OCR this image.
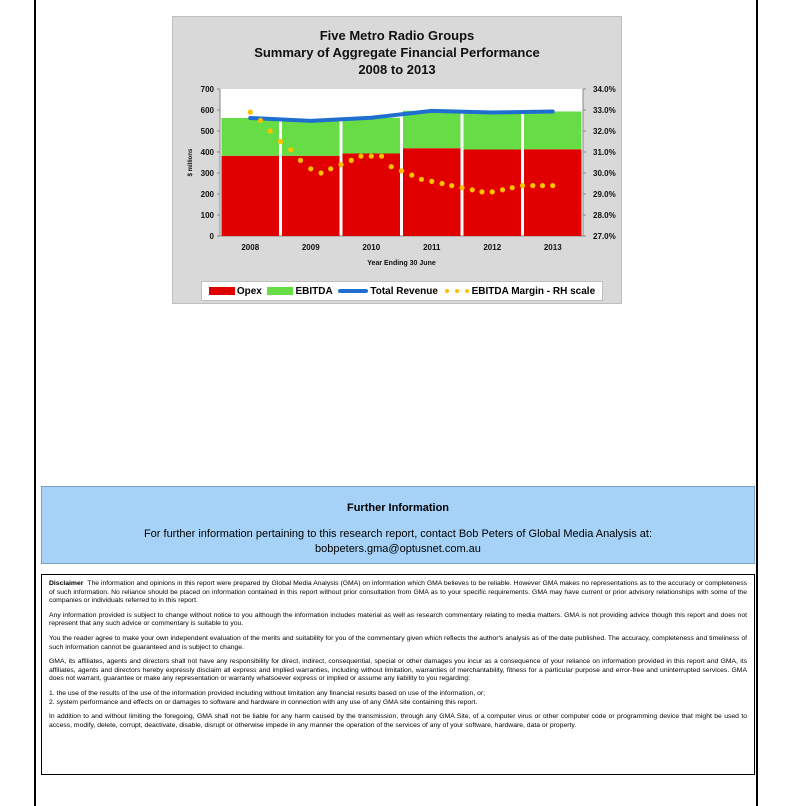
Five Metro Radio Groups
Summary of Aggregate Financial Performance
2008 to 2013
0
100
200
300
400
500
600
700
27.0%
28.0%
29.0%
30.0%
31.0%
32.0%
33.0%
34.0%
$ millions
2008	2009	2010	2011	2012	2013
Year Ending 30 June
Opex	EBITDA	Total Revenue	EBITDA Margin - RH scale
Further Information
For further information pertaining to this research report, contact Bob Peters of Global Media Analysis at:
bobpeters.gma@optusnet.com.au

Disclaimer The information and opinions in this report were prepared by Global Media Analysis (GMA) on information which GMA believes to be reliable. However GMA makes no representations as to the accuracy or completeness of such information. No reliance should be placed on information contained in this report without prior consultation from GMA as to your specific requirements. GMA may have current or prior advisory relationships with some of the companies or individuals referred to in this report.

Any information provided is subject to change without notice to you although the information includes material as well as research commentary relating to media matters. GMA is not providing advice though this report and does not represent that any such advice or commentary is suitable to you.

You the reader agree to make your own independent evaluation of the merits and suitability for you of the commentary given which reflects the author's analysis as of the date published. The accuracy, completeness and timeliness of such information cannot be guaranteed and is subject to change.

GMA, its affiliates, agents and directors shall not have any responsibility for direct, indirect, consequential, special or other damages you incur as a consequence of your reliance on information provided in this report and GMA, its affiliates, agents and directors hereby expressly disclaim all express and implied warranties, including without limitation, warranties of merchantability, fitness for a particular purpose and error-free and uninterrupted services. GMA does not warrant, guarantee or make any representation or warranty whatsoever express or implied or assume any liability to you regarding:

1. the use of the results of the use of the information provided including without limitation any financial results based on use of the information, or;
2. system performance and effects on or damages to software and hardware in connection with any use of any GMA site containing this report.

In addition to and without limiting the foregoing, GMA shall not be liable for any harm caused by the transmission, through any GMA Site, of a computer virus or other computer code or programming device that might be used to access, modify, delete, corrupt, deactivate, disable, disrupt or otherwise impede in any manner the operation of the services of any of your software, hardware, data or property.
